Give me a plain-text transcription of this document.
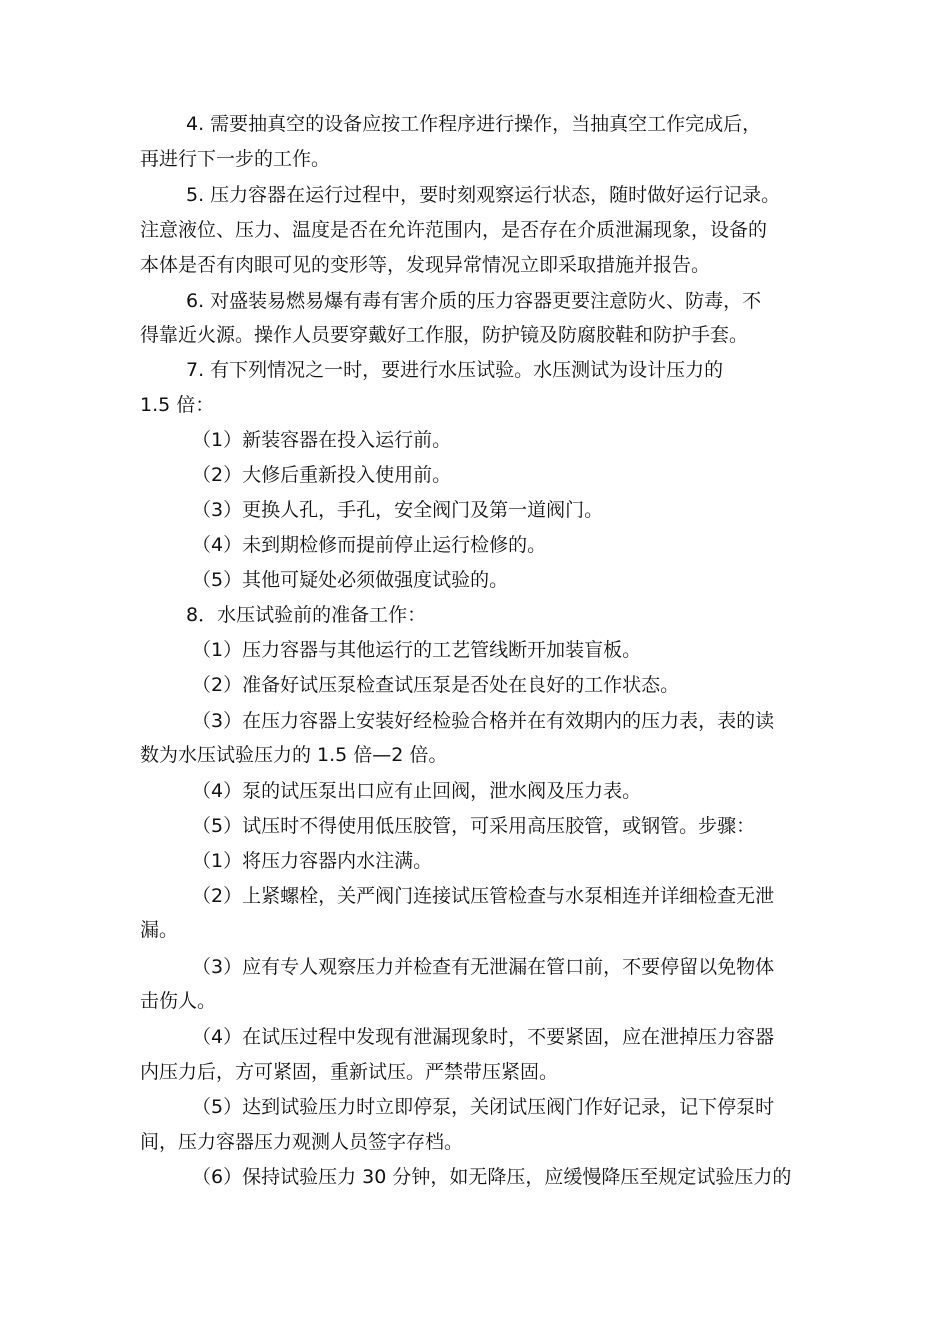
4. 需要抽真空的设备应按工作程序进行操作，当抽真空工作完成后，
再进行下一步的工作。
5. 压力容器在运行过程中，要时刻观察运行状态，随时做好运行记录。
注意液位、压力、温度是否在允许范围内，是否存在介质泄漏现象，设备的
本体是否有肉眼可见的变形等，发现异常情况立即采取措施并报告。
6. 对盛装易燃易爆有毒有害介质的压力容器更要注意防火、防毒，不
得靠近火源。操作人员要穿戴好工作服，防护镜及防腐胶鞋和防护手套。
7. 有下列情况之一时，要进行水压试验。水压测试为设计压力的
1.5 倍：
（1）新装容器在投入运行前。
（2）大修后重新投入使用前。
（3）更换人孔，手孔，安全阀门及第一道阀门。
（4）未到期检修而提前停止运行检修的。
（5）其他可疑处必须做强度试验的。
8．水压试验前的准备工作：
（1）压力容器与其他运行的工艺管线断开加装盲板。
（2）准备好试压泵检查试压泵是否处在良好的工作状态。
（3）在压力容器上安装好经检验合格并在有效期内的压力表，表的读
数为水压试验压力的 1.5 倍—2 倍。
（4）泵的试压泵出口应有止回阀，泄水阀及压力表。
（5）试压时不得使用低压胶管，可采用高压胶管，或钢管。步骤：
（1）将压力容器内水注满。
（2）上紧螺栓，关严阀门连接试压管检查与水泵相连并详细检查无泄
漏。
（3）应有专人观察压力并检查有无泄漏在管口前，不要停留以免物体
击伤人。
（4）在试压过程中发现有泄漏现象时，不要紧固，应在泄掉压力容器
内压力后，方可紧固，重新试压。严禁带压紧固。
（5）达到试验压力时立即停泵，关闭试压阀门作好记录，记下停泵时
间，压力容器压力观测人员签字存档。
（6）保持试验压力 30 分钟，如无降压，应缓慢降压至规定试验压力的
